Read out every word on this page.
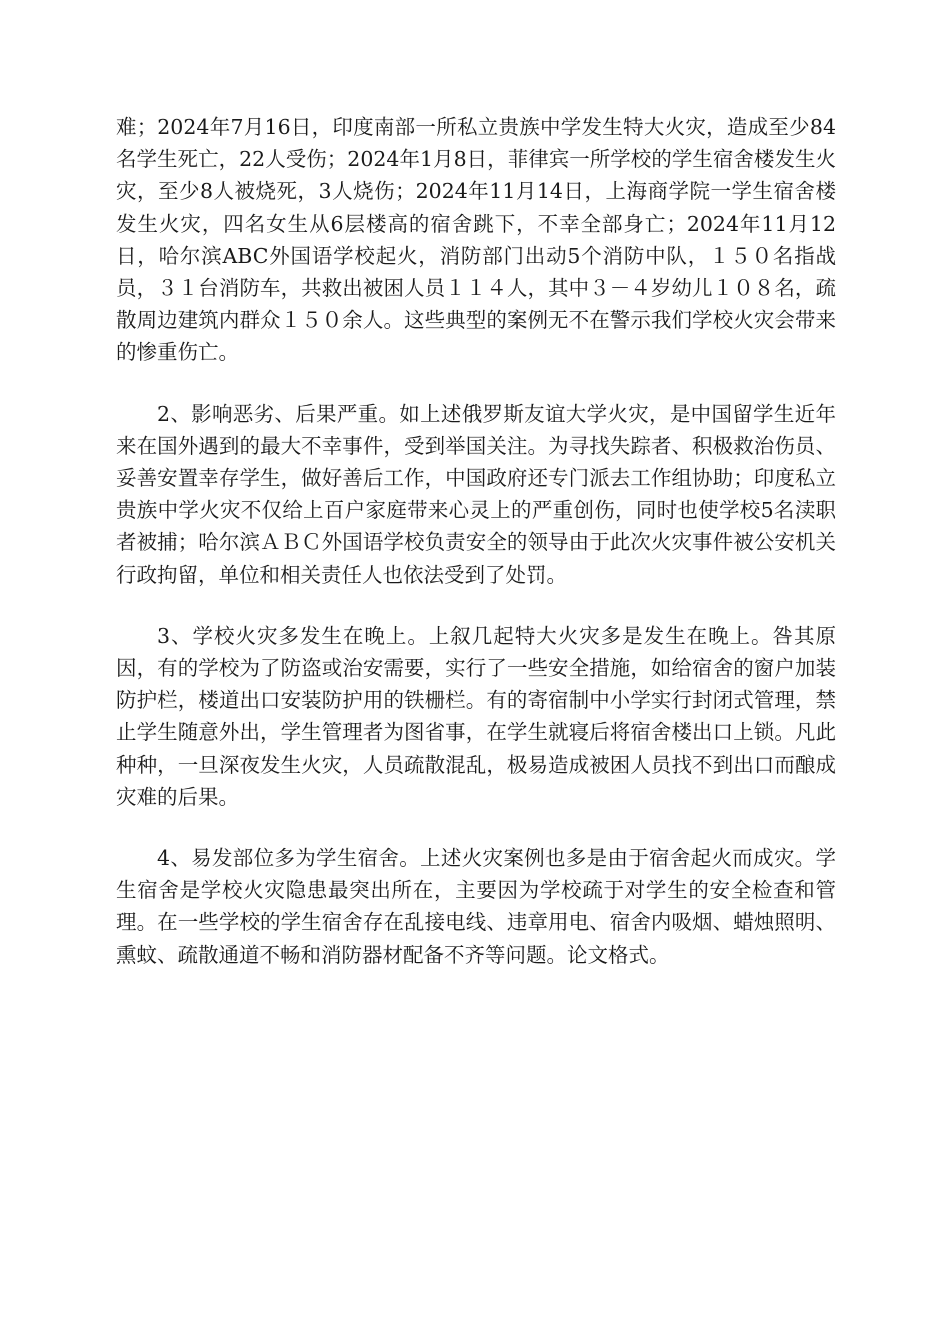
难；2024年7月16日，印度南部一所私立贵族中学发生特大火灾，造成至少84名学生死亡，22人受伤；2024年1月8日，菲律宾一所学校的学生宿舍楼发生火灾，至少8人被烧死，3人烧伤；2024年11月14日，上海商学院一学生宿舍楼发生火灾，四名女生从6层楼高的宿舍跳下，不幸全部身亡；2024年11月12日，哈尔滨ABC外国语学校起火，消防部门出动5个消防中队，１５０名指战员，３１台消防车，共救出被困人员１１４人，其中３－４岁幼儿１０８名，疏散周边建筑内群众１５０余人。这些典型的案例无不在警示我们学校火灾会带来的惨重伤亡。

2、影响恶劣、后果严重。如上述俄罗斯友谊大学火灾，是中国留学生近年来在国外遇到的最大不幸事件，受到举国关注。为寻找失踪者、积极救治伤员、妥善安置幸存学生，做好善后工作，中国政府还专门派去工作组协助；印度私立贵族中学火灾不仅给上百户家庭带来心灵上的严重创伤，同时也使学校5名渎职者被捕；哈尔滨ＡＢＣ外国语学校负责安全的领导由于此次火灾事件被公安机关行政拘留，单位和相关责任人也依法受到了处罚。

3、学校火灾多发生在晚上。上叙几起特大火灾多是发生在晚上。咎其原因，有的学校为了防盗或治安需要，实行了一些安全措施，如给宿舍的窗户加装防护栏，楼道出口安装防护用的铁栅栏。有的寄宿制中小学实行封闭式管理，禁止学生随意外出，学生管理者为图省事，在学生就寝后将宿舍楼出口上锁。凡此种种，一旦深夜发生火灾，人员疏散混乱，极易造成被困人员找不到出口而酿成灾难的后果。

4、易发部位多为学生宿舍。上述火灾案例也多是由于宿舍起火而成灾。学生宿舍是学校火灾隐患最突出所在，主要因为学校疏于对学生的安全检查和管理。在一些学校的学生宿舍存在乱接电线、违章用电、宿舍内吸烟、蜡烛照明、熏蚊、疏散通道不畅和消防器材配备不齐等问题。论文格式。
